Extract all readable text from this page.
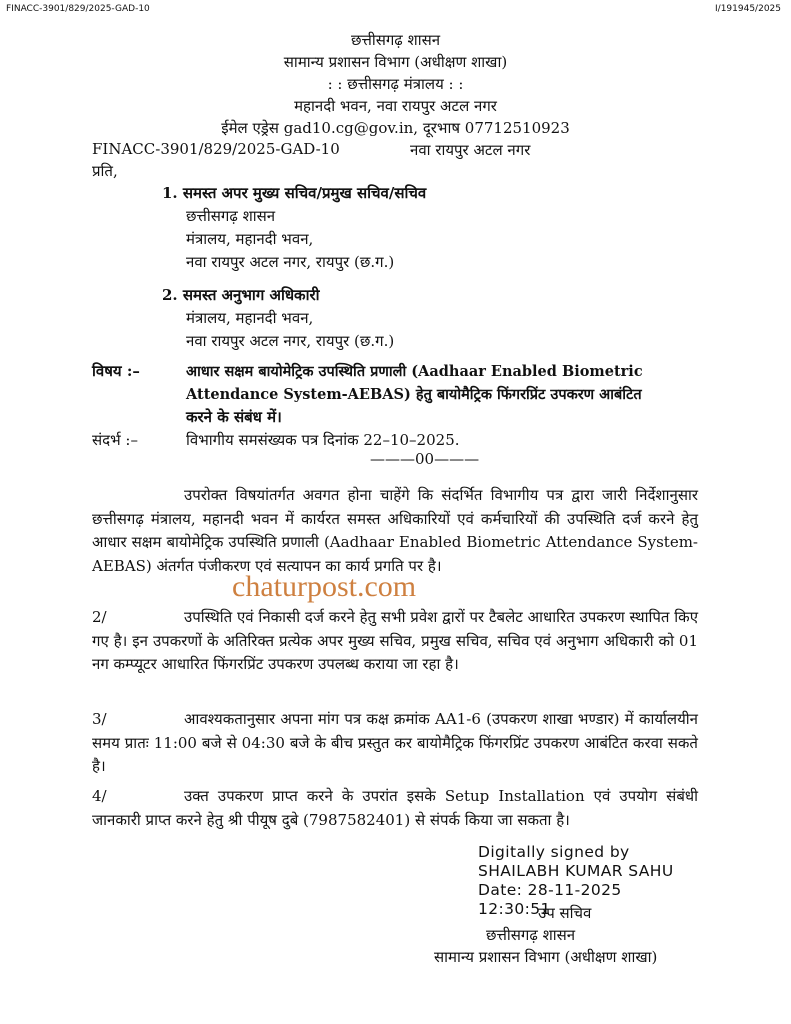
FINACC-3901/829/2025-GAD-10	I/191945/2025
छत्तीसगढ़ शासन
सामान्य प्रशासन विभाग (अधीक्षण शाखा)
: : छत्तीसगढ़ मंत्रालय : :
महानदी भवन, नवा रायपुर अटल नगर
ईमेल एड्रेस gad10.cg@gov.in, दूरभाष 07712510923
FINACC-3901/829/2025-GAD-10	नवा रायपुर अटल नगर
प्रति,
1. समस्त अपर मुख्य सचिव/प्रमुख सचिव/सचिव
छत्तीसगढ़ शासन
मंत्रालय, महानदी भवन,
नवा रायपुर अटल नगर, रायपुर (छ.ग.)
2. समस्त अनुभाग अधिकारी
मंत्रालय, महानदी भवन,
नवा रायपुर अटल नगर, रायपुर (छ.ग.)
विषय :–	आधार सक्षम बायोमेट्रिक उपस्थिति प्रणाली (Aadhaar Enabled Biometric
Attendance System-AEBAS) हेतु बायोमैट्रिक फिंगरप्रिंट उपकरण आबंटित
करने के संबंध में।
संदर्भ :–	विभागीय समसंख्यक पत्र दिनांक 22–10–2025.
———00———
उपरोक्त विषयांतर्गत अवगत होना चाहेंगे कि संदर्भित विभागीय पत्र द्वारा जारी निर्देशानुसार छत्तीसगढ़ मंत्रालय, महानदी भवन में कार्यरत समस्त अधिकारियों एवं कर्मचारियों की उपस्थिति दर्ज करने हेतु आधार सक्षम बायोमेट्रिक उपस्थिति प्रणाली (Aadhaar Enabled Biometric Attendance System-AEBAS) अंतर्गत पंजीकरण एवं सत्यापन का कार्य प्रगति पर है।
2/	उपस्थिति एवं निकासी दर्ज करने हेतु सभी प्रवेश द्वारों पर टैबलेट आधारित उपकरण स्थापित किए गए है। इन उपकरणों के अतिरिक्त प्रत्येक अपर मुख्य सचिव, प्रमुख सचिव, सचिव एवं अनुभाग अधिकारी को 01 नग कम्प्यूटर आधारित फिंगरप्रिंट उपकरण उपलब्ध कराया जा रहा है।
3/	आवश्यकतानुसार अपना मांग पत्र कक्ष क्रमांक AA1-6 (उपकरण शाखा भण्डार) में कार्यालयीन समय प्रातः 11:00 बजे से 04:30 बजे के बीच प्रस्तुत कर बायोमैट्रिक फिंगरप्रिंट उपकरण आबंटित करवा सकते है।
4/	उक्त उपकरण प्राप्त करने के उपरांत इसके Setup Installation एवं उपयोग संबंधी जानकारी प्राप्त करने हेतु श्री पीयूष दुबे (7987582401) से संपर्क किया जा सकता है।
chaturpost.com
Digitally signed by
SHAILABH KUMAR SAHU
Date: 28-11-2025
12:30:51
उप सचिव
छत्तीसगढ़ शासन
सामान्य प्रशासन विभाग (अधीक्षण शाखा)
